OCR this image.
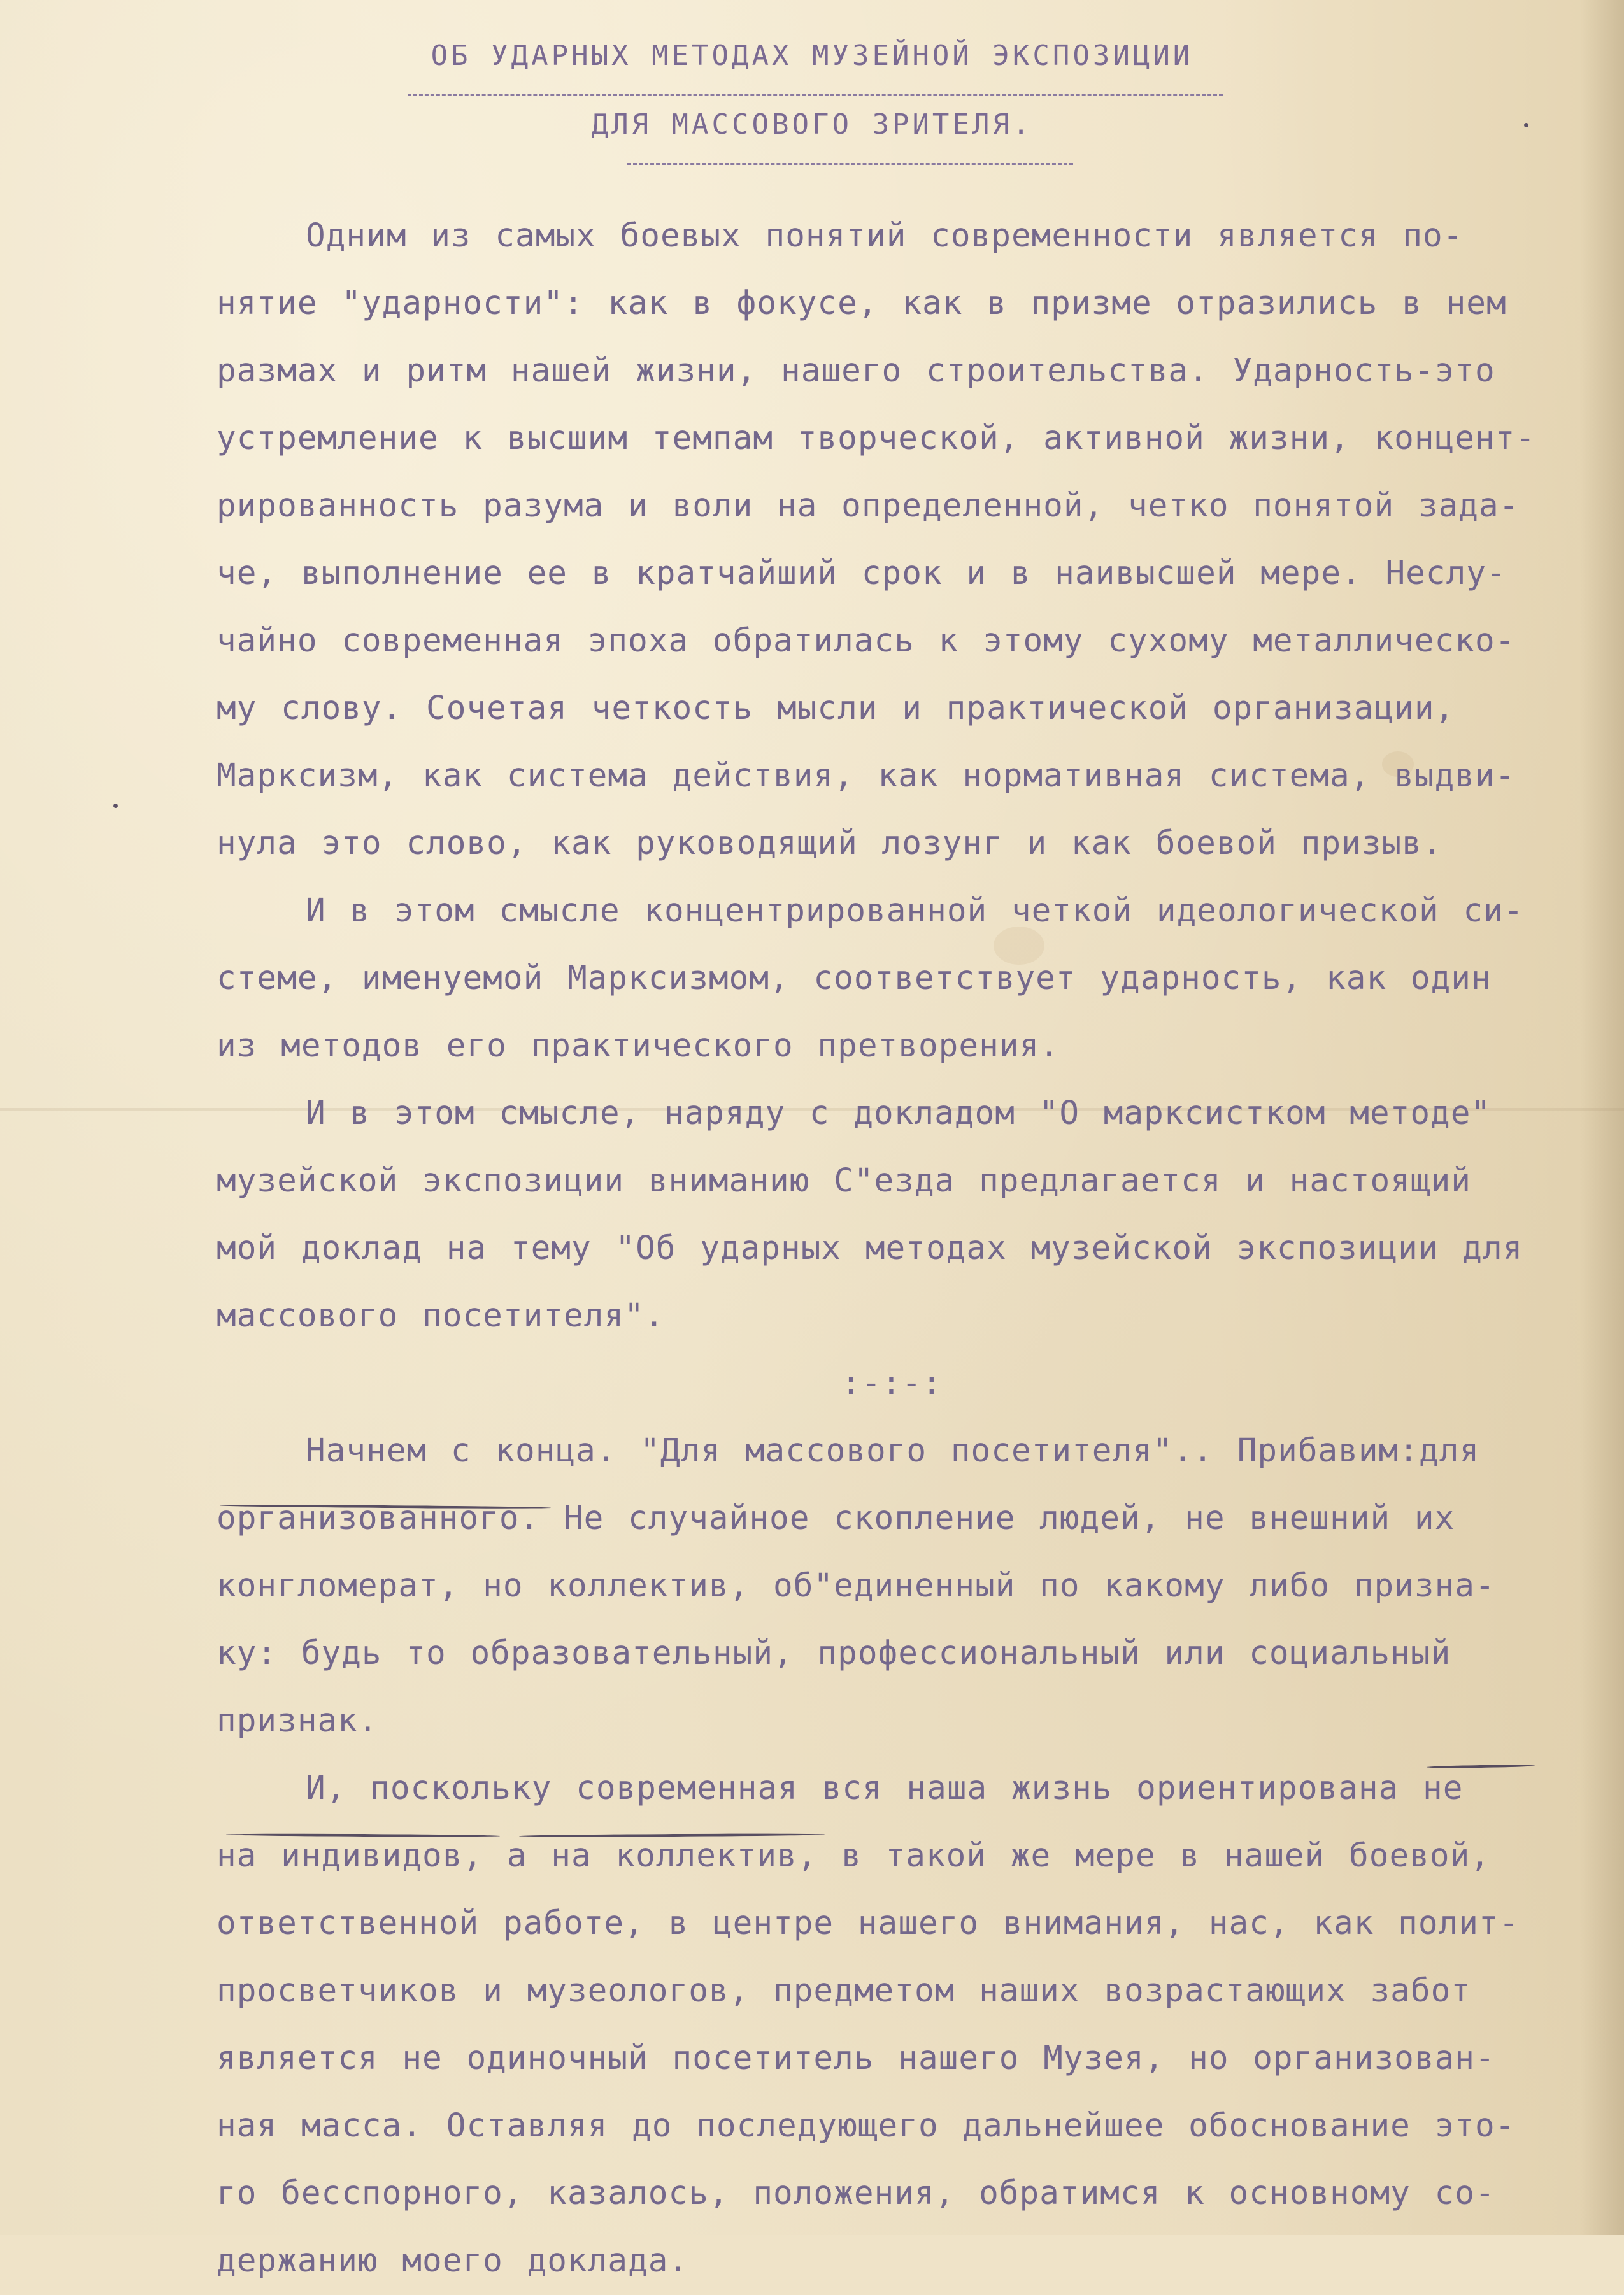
ОБ УДАРНЫХ МЕТОДАХ МУЗЕЙНОЙ ЭКСПОЗИЦИИ
ДЛЯ МАССОВОГО ЗРИТЕЛЯ.
Одним из самых боевых понятий современности является по-
нятие "ударности": как в фокусе, как в призме отразились в нем
размах и ритм нашей жизни, нашего строительства. Ударность-это
устремление к высшим темпам творческой, активной жизни, концент-
рированность разума и воли на определенной, четко понятой зада-
че, выполнение ее в кратчайший срок и в наивысшей мере. Неслу-
чайно современная эпоха обратилась к этому сухому металлическо-
му слову. Сочетая четкость мысли и практической организации,
Марксизм, как система действия, как нормативная система, выдви-
нула это слово, как руководящий лозунг и как боевой призыв.
И в этом смысле концентрированной четкой идеологической си-
стеме, именуемой Марксизмом, соответствует ударность, как один
из методов его практического претворения.
И в этом смысле, наряду с докладом "О марксистком методе"
музейской экспозиции вниманию С"езда предлагается и настоящий
мой доклад на тему "Об ударных методах музейской экспозиции для
массового посетителя".
:-:-:
Начнем с конца. "Для массового посетителя".. Прибавим:для
организованного. Не случайное скопление людей, не внешний их
конгломерат, но коллектив, об"единенный по какому либо призна-
ку: будь то образовательный, профессиональный или социальный
признак.
И, поскольку современная вся наша жизнь ориентирована не
на индивидов, а на коллектив, в такой же мере в нашей боевой,
ответственной работе, в центре нашего внимания, нас, как полит-
просветчиков и музеологов, предметом наших возрастающих забот
является не одиночный посетитель нашего Музея, но организован-
ная масса. Оставляя до последующего дальнейшее обоснование это-
го бесспорного, казалось, положения, обратимся к основному со-
держанию моего доклада.
